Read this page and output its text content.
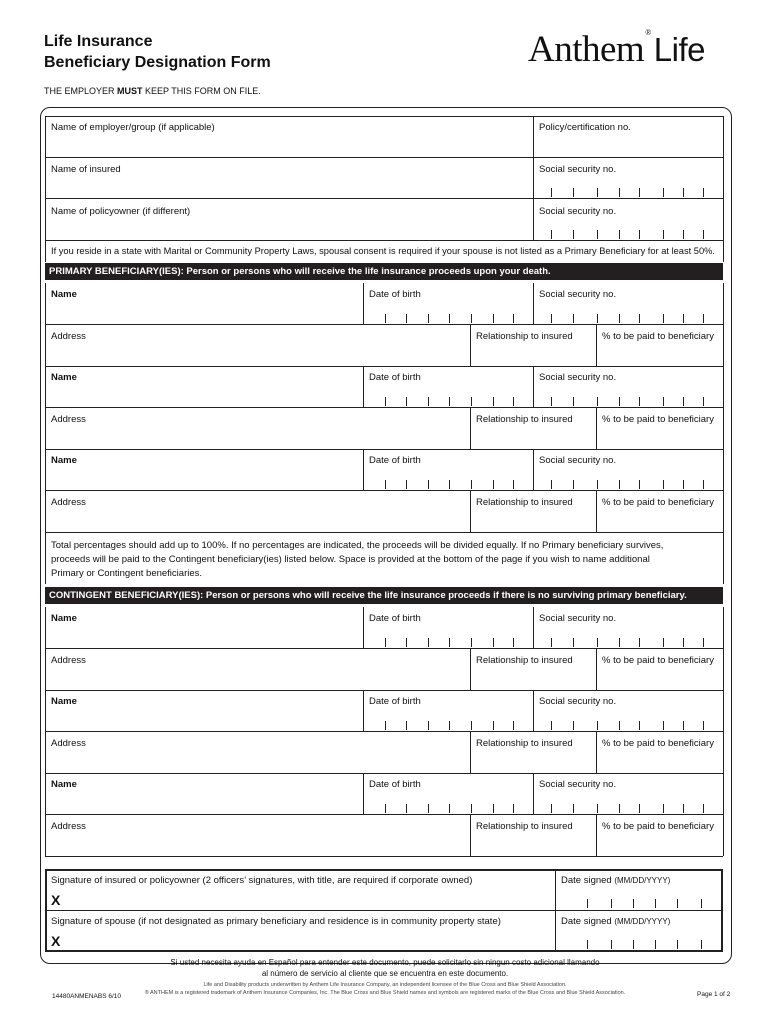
Life Insurance
Beneficiary Designation Form	Anthem®Life
THE EMPLOYER MUST KEEP THIS FORM ON FILE.
Name of employer/group (if applicable)	Policy/certification no.
Name of insured	Social security no.
Name of policyowner (if different)	Social security no.
If you reside in a state with Marital or Community Property Laws, spousal consent is required if your spouse is not listed as a Primary Beneficiary for at least 50%.
PRIMARY BENEFICIARY(IES): Person or persons who will receive the life insurance proceeds upon your death.
Name	Date of birth	Social security no.
Address	Relationship to insured	% to be paid to beneficiary
Name	Date of birth	Social security no.
Address	Relationship to insured	% to be paid to beneficiary
Name	Date of birth	Social security no.
Address	Relationship to insured	% to be paid to beneficiary
Total percentages should add up to 100%. If no percentages are indicated, the proceeds will be divided equally. If no Primary beneficiary survives,
proceeds will be paid to the Contingent beneficiary(ies) listed below. Space is provided at the bottom of the page if you wish to name additional
Primary or Contingent beneficiaries.
CONTINGENT BENEFICIARY(IES): Person or persons who will receive the life insurance proceeds if there is no surviving primary beneficiary.
Name	Date of birth	Social security no.
Address	Relationship to insured	% to be paid to beneficiary
Name	Date of birth	Social security no.
Address	Relationship to insured	% to be paid to beneficiary
Name	Date of birth	Social security no.
Address	Relationship to insured	% to be paid to beneficiary
Signature of insured or policyowner (2 officers’ signatures, with title, are required if corporate owned)
X
Date signed (MM/DD/YYYY)
Signature of spouse (if not designated as primary beneficiary and residence is in community property state)
X
Date signed (MM/DD/YYYY)
Si usted necesita ayuda en Español para entender este documento, puede solicitarlo sin ningun costo adicional llamando
al número de servicio al cliente que se encuentra en este documento.
Life and Disability products underwritten by Anthem Life Insurance Company, an independent licensee of the Blue Cross and Blue Shield Association.
® ANTHEM is a registered trademark of Anthem Insurance Companies, Inc. The Blue Cross and Blue Shield names and symbols are registered marks of the Blue Cross and Blue Shield Association.
14480ANMENABS 6/10	Page 1 of 2
